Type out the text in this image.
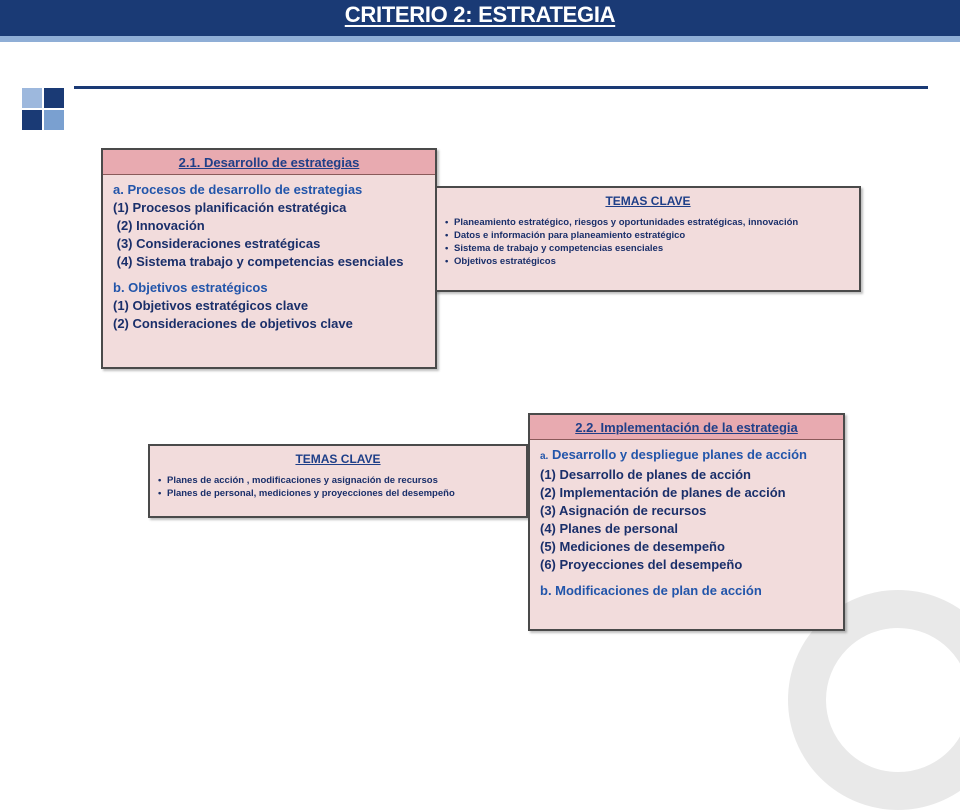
CRITERIO 2: ESTRATEGIA
2.1. Desarrollo de estrategias
a. Procesos de desarrollo de estrategias
(1) Procesos planificación estratégica
(2) Innovación
(3) Consideraciones estratégicas
(4) Sistema trabajo y competencias esenciales
b. Objetivos estratégicos
(1) Objetivos estratégicos clave
(2) Consideraciones de objetivos clave
TEMAS CLAVE
• Planeamiento estratégico, riesgos y oportunidades estratégicas, innovación
• Datos e información para planeamiento estratégico
• Sistema de trabajo y competencias esenciales
• Objetivos estratégicos
TEMAS CLAVE
• Planes de acción , modificaciones y asignación de recursos
• Planes de personal, mediciones y proyecciones del desempeño
2.2. Implementación de la estrategia
a. Desarrollo y despliegue planes de acción
(1) Desarrollo de planes de acción
(2) Implementación de planes de acción
(3) Asignación de recursos
(4) Planes de personal
(5) Mediciones de desempeño
(6) Proyecciones del desempeño
b. Modificaciones de plan de acción
